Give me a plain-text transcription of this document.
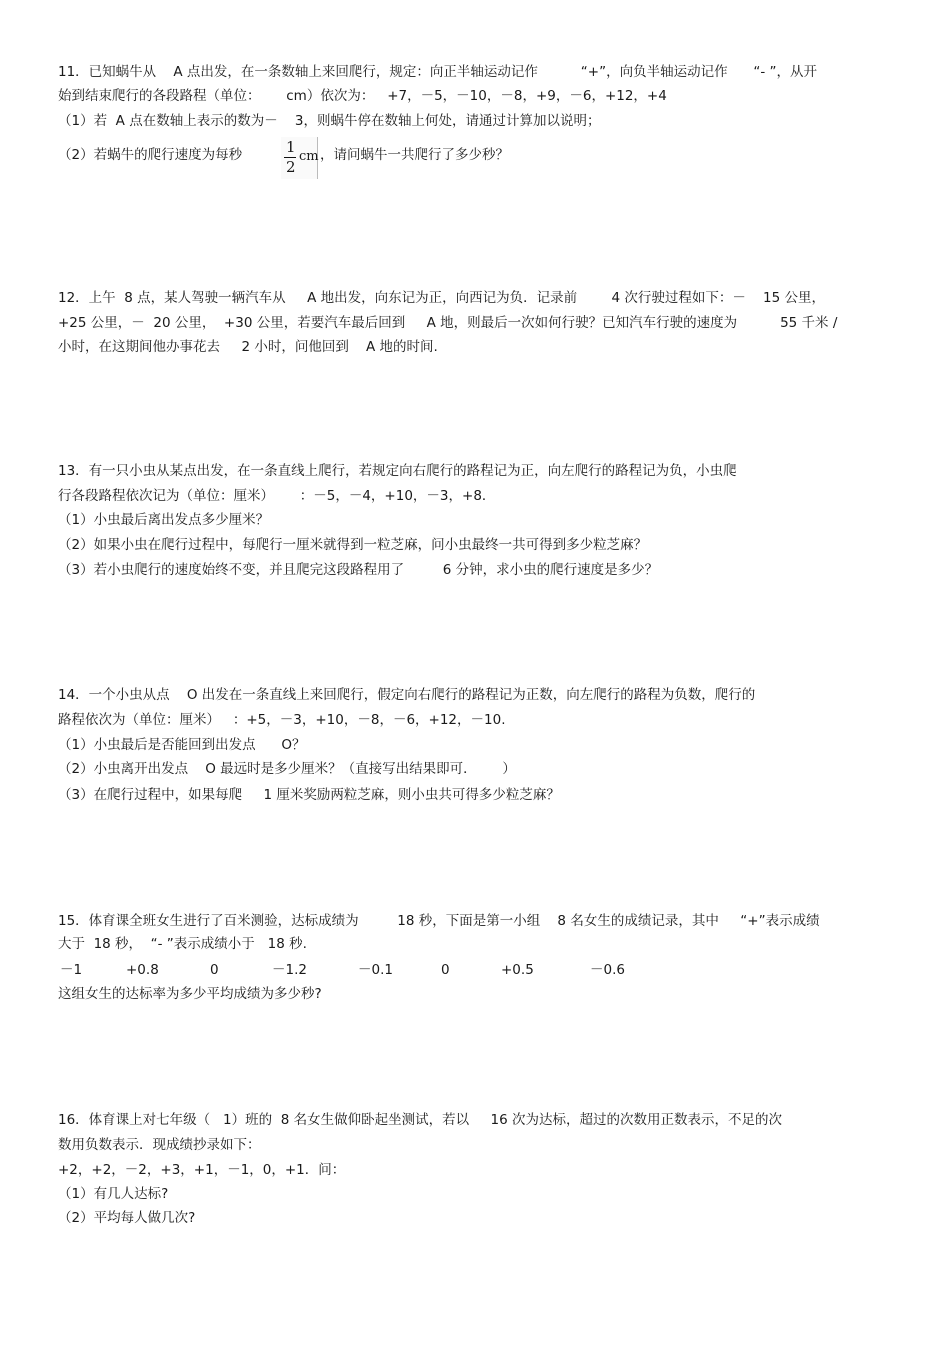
11．已知蜗牛从    A 点出发，在一条数轴上来回爬行，规定：向正半轴运动记作          “+”，向负半轴运动记作      “- ”，从开
始到结束爬行的各段路程（单位：      cm）依次为：   +7，－5，－10，－8，+9，－6，+12，+4
（1）若  A 点在数轴上表示的数为－    3，则蜗牛停在数轴上何处，请通过计算加以说明；
（2）若蜗牛的爬行速度为每秒	1
2
cm ，请问蜗牛一共爬行了多少秒？
12．上午  8 点，某人驾驶一辆汽车从     A 地出发，向东记为正，向西记为负．记录前        4 次行驶过程如下：－    15 公里，
+25 公里，－  20 公里，  +30 公里，若要汽车最后回到     A 地，则最后一次如何行驶？已知汽车行驶的速度为          55 千米 /
小时，在这期间他办事花去     2 小时，问他回到    A 地的时间.
13．有一只小虫从某点出发，在一条直线上爬行，若规定向右爬行的路程记为正，向左爬行的路程记为负，小虫爬
行各段路程依次记为（单位：厘米）      ：－5，－4，+10，－3，+8．
（1）小虫最后离出发点多少厘米？
（2）如果小虫在爬行过程中，每爬行一厘米就得到一粒芝麻，问小虫最终一共可得到多少粒芝麻？
（3）若小虫爬行的速度始终不变，并且爬完这段路程用了         6 分钟，求小虫的爬行速度是多少？
14．一个小虫从点    O 出发在一条直线上来回爬行，假定向右爬行的路程记为正数，向左爬行的路程为负数，爬行的
路程依次为（单位：厘米）   ：+5，－3，+10，－8，－6，+12，－10.
（1）小虫最后是否能回到出发点      O？
（2）小虫离开出发点    O 最远时是多少厘米？（直接写出结果即可．      ）
（3）在爬行过程中，如果每爬     1 厘米奖励两粒芝麻，则小虫共可得多少粒芝麻？
15．体育课全班女生进行了百米测验，达标成绩为         18 秒，下面是第一小组    8 名女生的成绩记录，其中     “+”表示成绩
大于  18 秒，  “- ”表示成绩小于   18 秒.
－1	+0.8	0	－1.2	－0.1	0	+0.5	－0.6
这组女生的达标率为多少平均成绩为多少秒?
16．体育课上对七年级（   1）班的  8 名女生做仰卧起坐测试，若以     16 次为达标，超过的次数用正数表示，不足的次
数用负数表示．现成绩抄录如下：
+2，+2，－2，+3，+1，－1，0，+1．问：
（1）有几人达标?
（2）平均每人做几次?
